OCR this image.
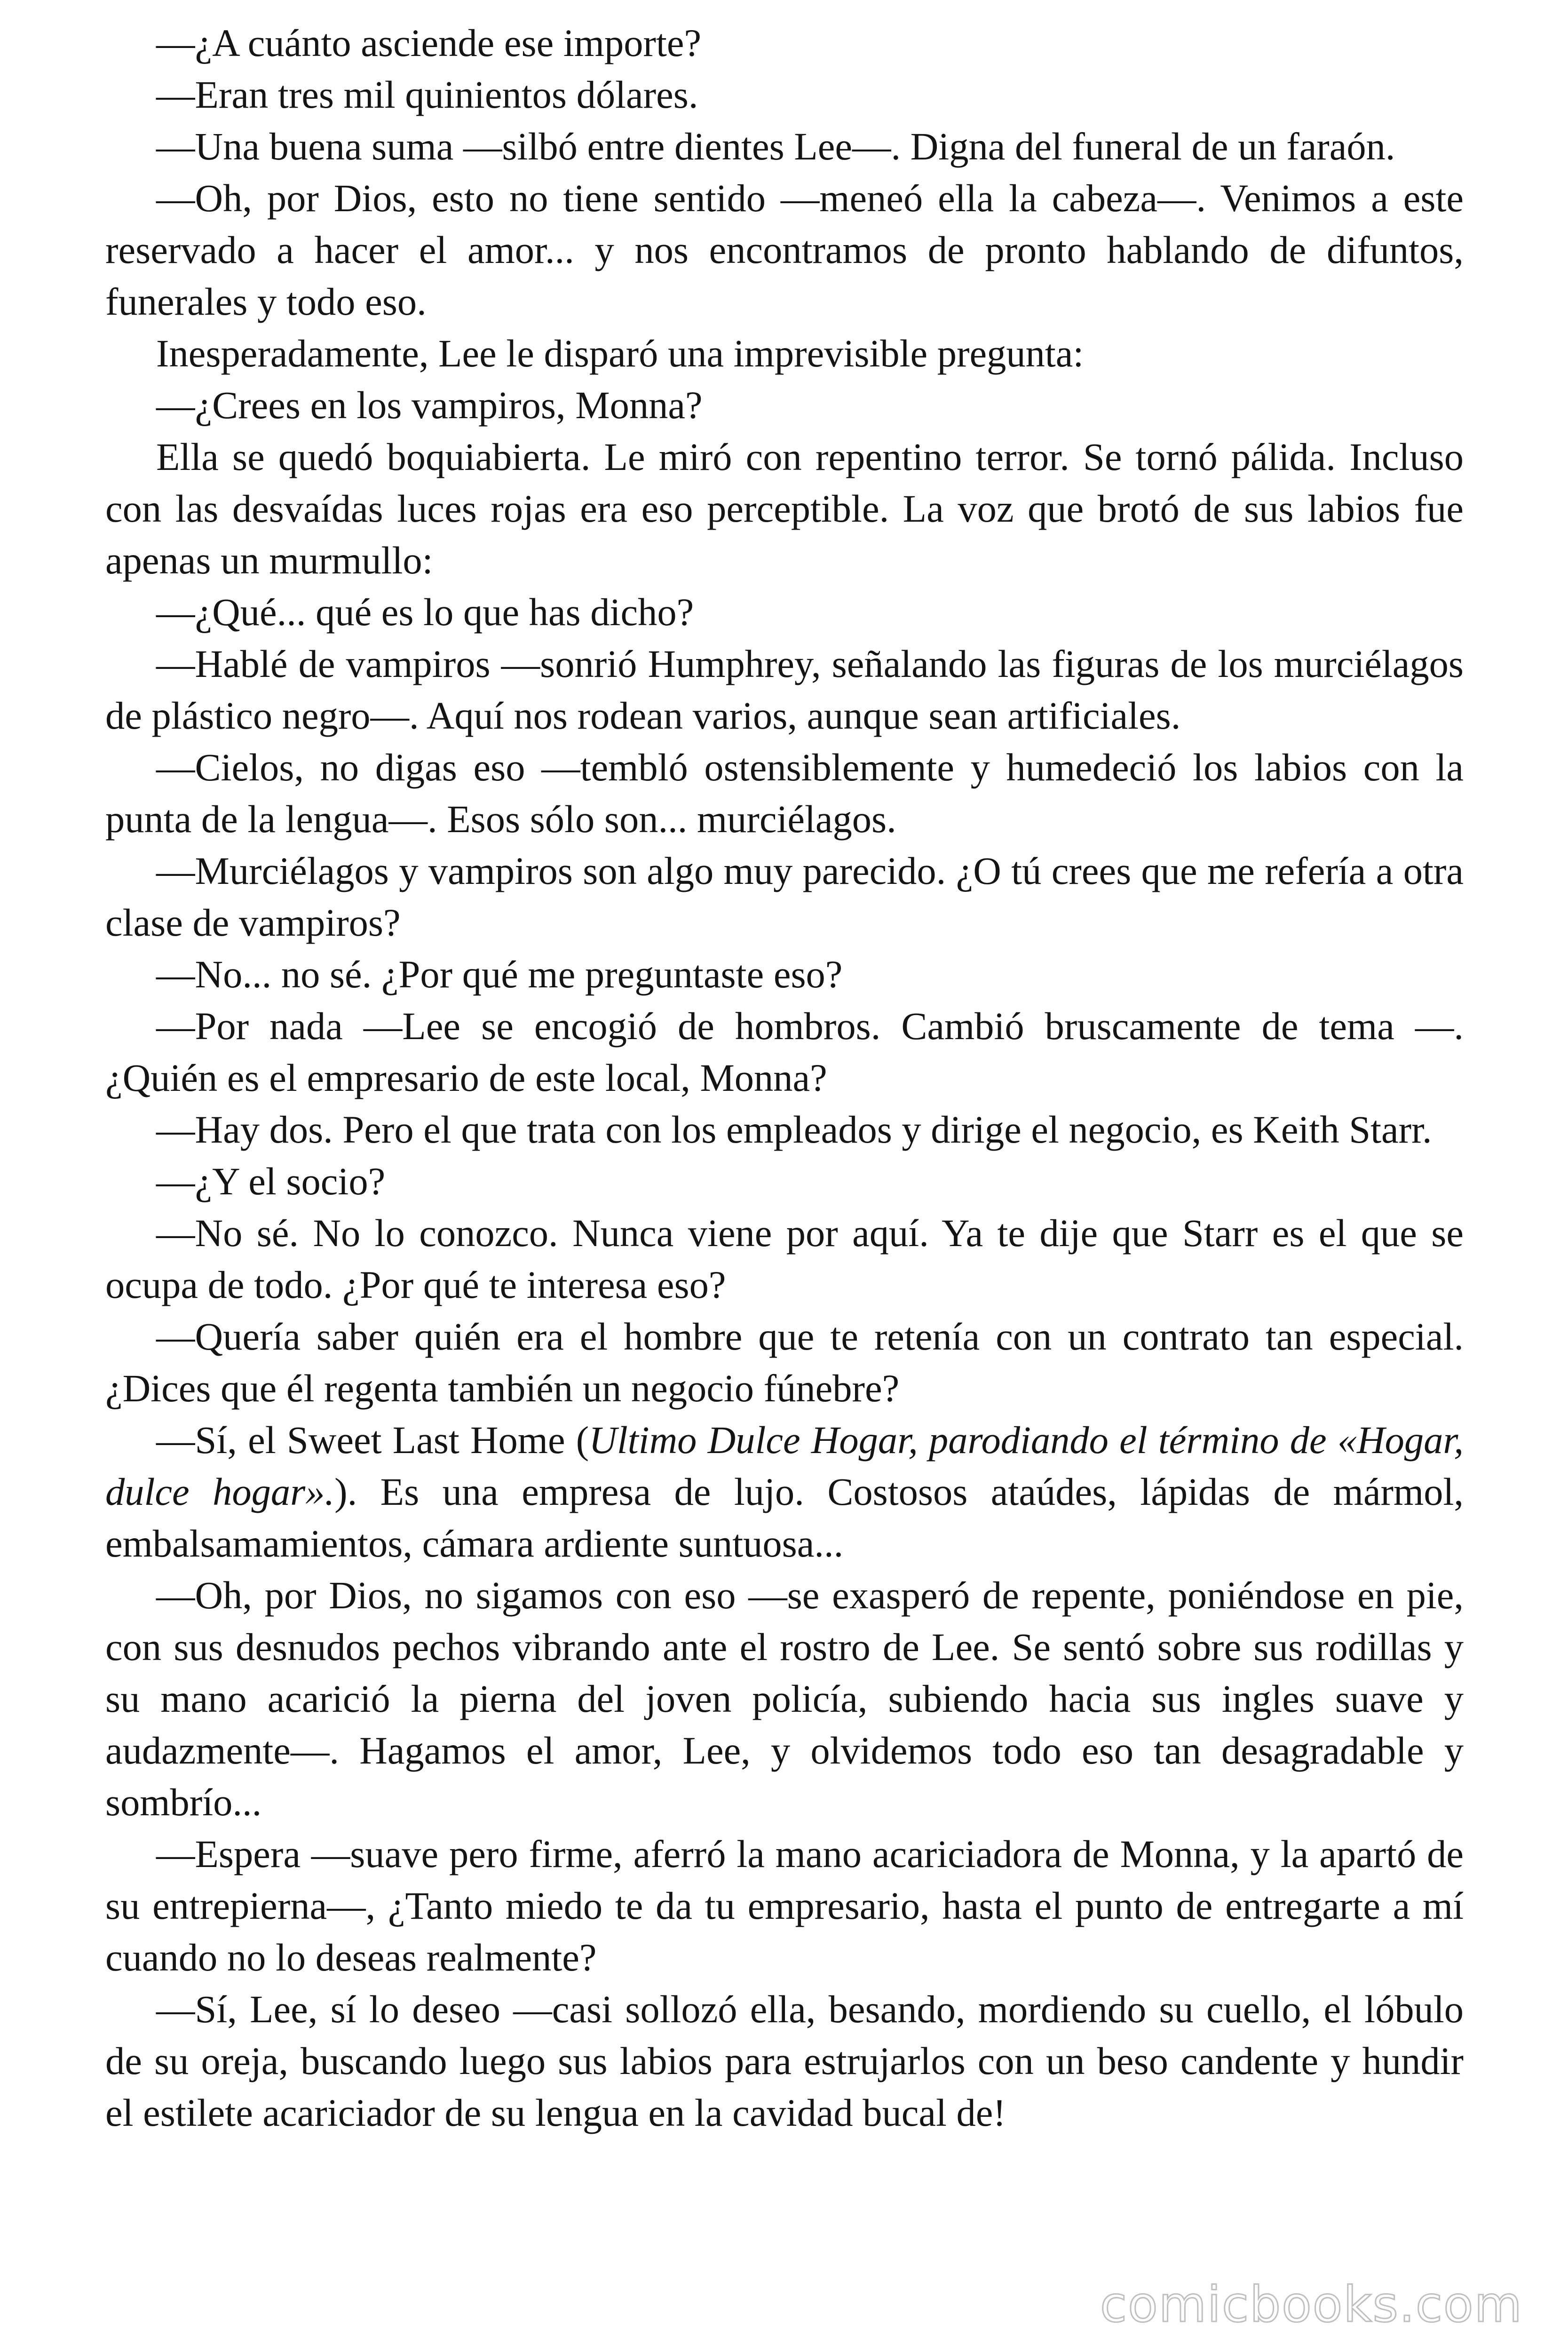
—¿A cuánto asciende ese importe?

—Eran tres mil quinientos dólares.

—Una buena suma —silbó entre dientes Lee—. Digna del funeral de un faraón.

—Oh, por Dios, esto no tiene sentido —meneó ella la cabeza—. Venimos a este reservado a hacer el amor... y nos encontramos de pronto hablando de difuntos, funerales y todo eso.

Inesperadamente, Lee le disparó una imprevisible pregunta:

—¿Crees en los vampiros, Monna?

Ella se quedó boquiabierta. Le miró con repentino terror. Se tornó pálida. Incluso con las desvaídas luces rojas era eso perceptible. La voz que brotó de sus labios fue apenas un murmullo:

—¿Qué... qué es lo que has dicho?

—Hablé de vampiros —sonrió Humphrey, señalando las figuras de los murciélagos de plástico negro—. Aquí nos rodean varios, aunque sean artificiales.

—Cielos, no digas eso —tembló ostensiblemente y humedeció los labios con la punta de la lengua—. Esos sólo son... murciélagos.

—Murciélagos y vampiros son algo muy parecido. ¿O tú crees que me refería a otra clase de vampiros?

—No... no sé. ¿Por qué me preguntaste eso?

—Por nada —Lee se encogió de hombros. Cambió bruscamente de tema —. ¿Quién es el empresario de este local, Monna?

—Hay dos. Pero el que trata con los empleados y dirige el negocio, es Keith Starr.

—¿Y el socio?

—No sé. No lo conozco. Nunca viene por aquí. Ya te dije que Starr es el que se ocupa de todo. ¿Por qué te interesa eso?

—Quería saber quién era el hombre que te retenía con un contrato tan especial. ¿Dices que él regenta también un negocio fúnebre?

—Sí, el Sweet Last Home (Ultimo Dulce Hogar, parodiando el término de «Hogar, dulce hogar».). Es una empresa de lujo. Costosos ataúdes, lápidas de mármol, embalsamamientos, cámara ardiente suntuosa...

—Oh, por Dios, no sigamos con eso —se exasperó de repente, poniéndose en pie, con sus desnudos pechos vibrando ante el rostro de Lee. Se sentó sobre sus rodillas y su mano acarició la pierna del joven policía, subiendo hacia sus ingles suave y audazmente—. Hagamos el amor, Lee, y olvidemos todo eso tan desagradable y sombrío...

—Espera —suave pero firme, aferró la mano acariciadora de Monna, y la apartó de su entrepierna—, ¿Tanto miedo te da tu empresario, hasta el punto de entregarte a mí cuando no lo deseas realmente?

—Sí, Lee, sí lo deseo —casi sollozó ella, besando, mordiendo su cuello, el lóbulo de su oreja, buscando luego sus labios para estrujarlos con un beso candente y hundir el estilete acariciador de su lengua en la cavidad bucal de!

comicbooks.com
